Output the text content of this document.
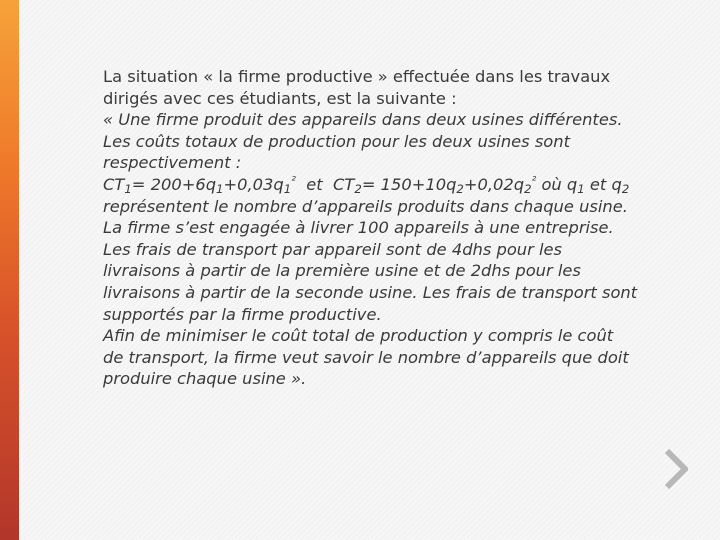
La situation « la firme productive » effectuée dans les travaux
dirigés avec ces étudiants, est la suivante :
« Une firme produit des appareils dans deux usines différentes.
Les coûts totaux de production pour les deux usines sont
respectivement :
$CT_1= 200+6q_1+0,03q_1^{^2}$  et  $CT_2= 150+10q_2+0,02q_2^{^2}$ où $q_1$ et $q_2$
représentent le nombre d’appareils produits dans chaque usine.
La firme s’est engagée à livrer 100 appareils à une entreprise.
Les frais de transport par appareil sont de 4dhs pour les
livraisons à partir de la première usine et de 2dhs pour les
livraisons à partir de la seconde usine. Les frais de transport sont
supportés par la firme productive.
Afin de minimiser le coût total de production y compris le coût
de transport, la firme veut savoir le nombre d’appareils que doit
produire chaque usine ».
